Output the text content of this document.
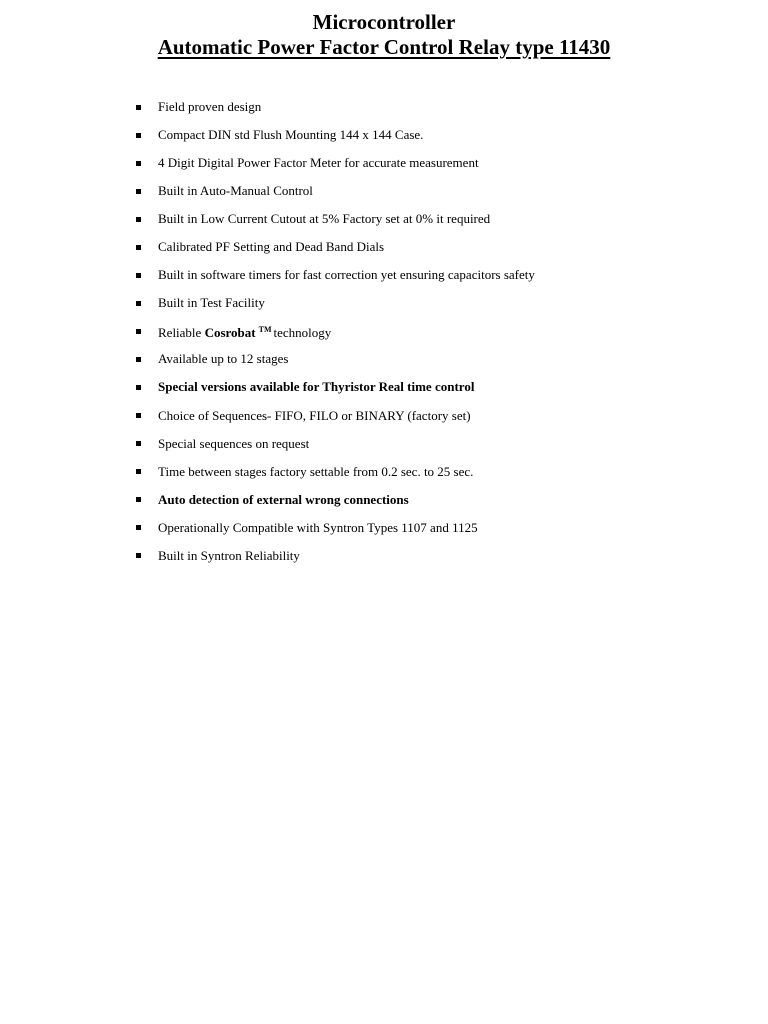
Microcontroller
Automatic Power Factor Control Relay type 11430
Field proven design
Compact DIN std Flush Mounting 144 x 144 Case.
4 Digit Digital Power Factor Meter for accurate measurement
Built in Auto-Manual Control
Built in Low Current Cutout at 5% Factory set at 0% it required
Calibrated PF Setting and Dead Band Dials
Built in software timers for fast correction yet ensuring capacitors safety
Built in Test Facility
Reliable Cosrobat ™ technology
Available up to 12 stages
Special versions available for Thyristor Real time control
Choice of Sequences- FIFO, FILO or BINARY (factory set)
Special sequences on request
Time between stages factory settable from 0.2 sec. to 25 sec.
Auto detection of external wrong connections
Operationally Compatible with Syntron Types 1107 and 1125
Built in Syntron Reliability
